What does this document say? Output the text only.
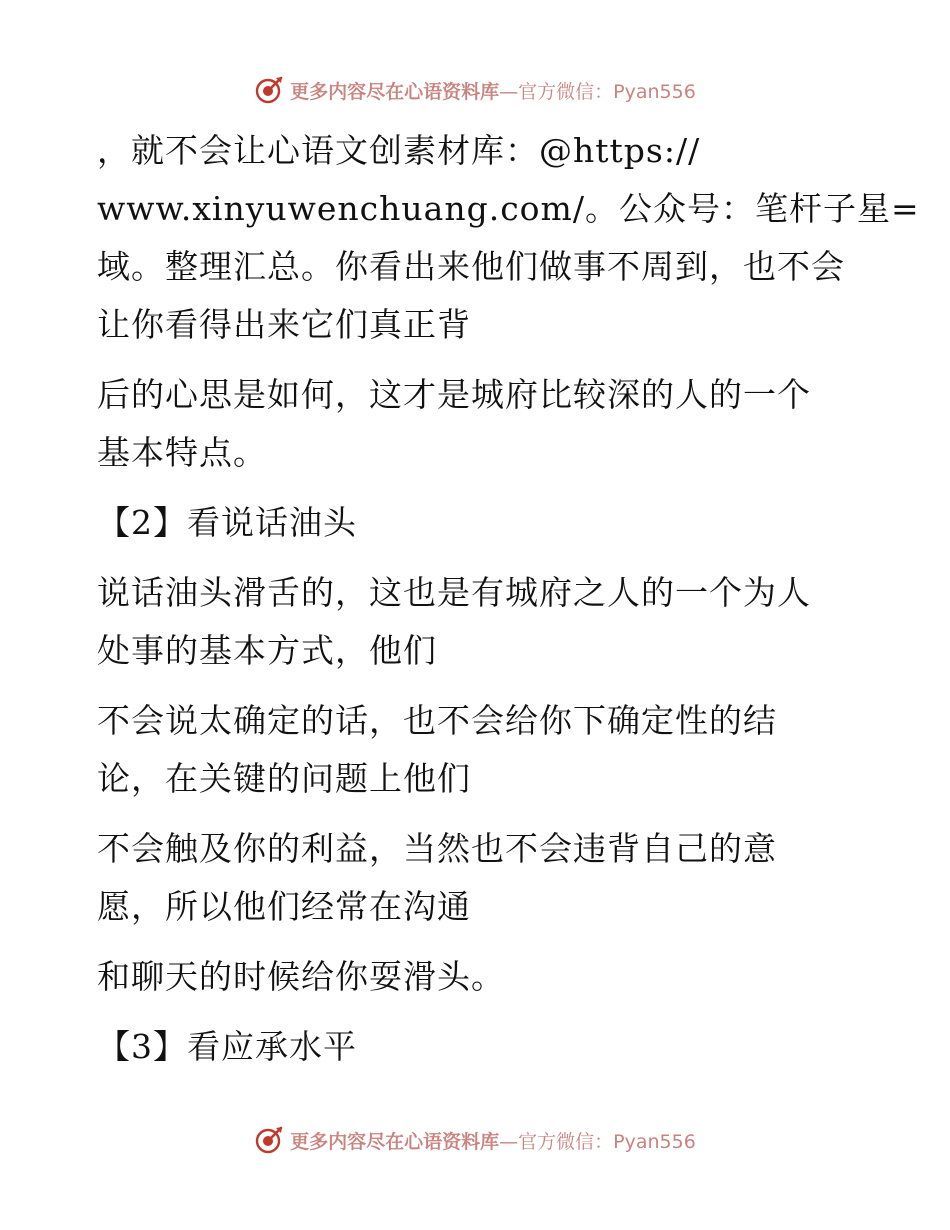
更多内容尽在心语资料库—官方微信：Pyan556
，就不会让心语文创素材库：@https://
www.xinyuwenchuang.com/。公众号：笔杆子星=
域。整理汇总。你看出来他们做事不周到，也不会
让你看得出来它们真正背
后的心思是如何，这才是城府比较深的人的一个
基本特点。
【2】看说话油头
说话油头滑舌的，这也是有城府之人的一个为人
处事的基本方式，他们
不会说太确定的话，也不会给你下确定性的结
论，在关键的问题上他们
不会触及你的利益，当然也不会违背自己的意
愿，所以他们经常在沟通
和聊天的时候给你耍滑头。
【3】看应承水平
更多内容尽在心语资料库—官方微信：Pyan556
